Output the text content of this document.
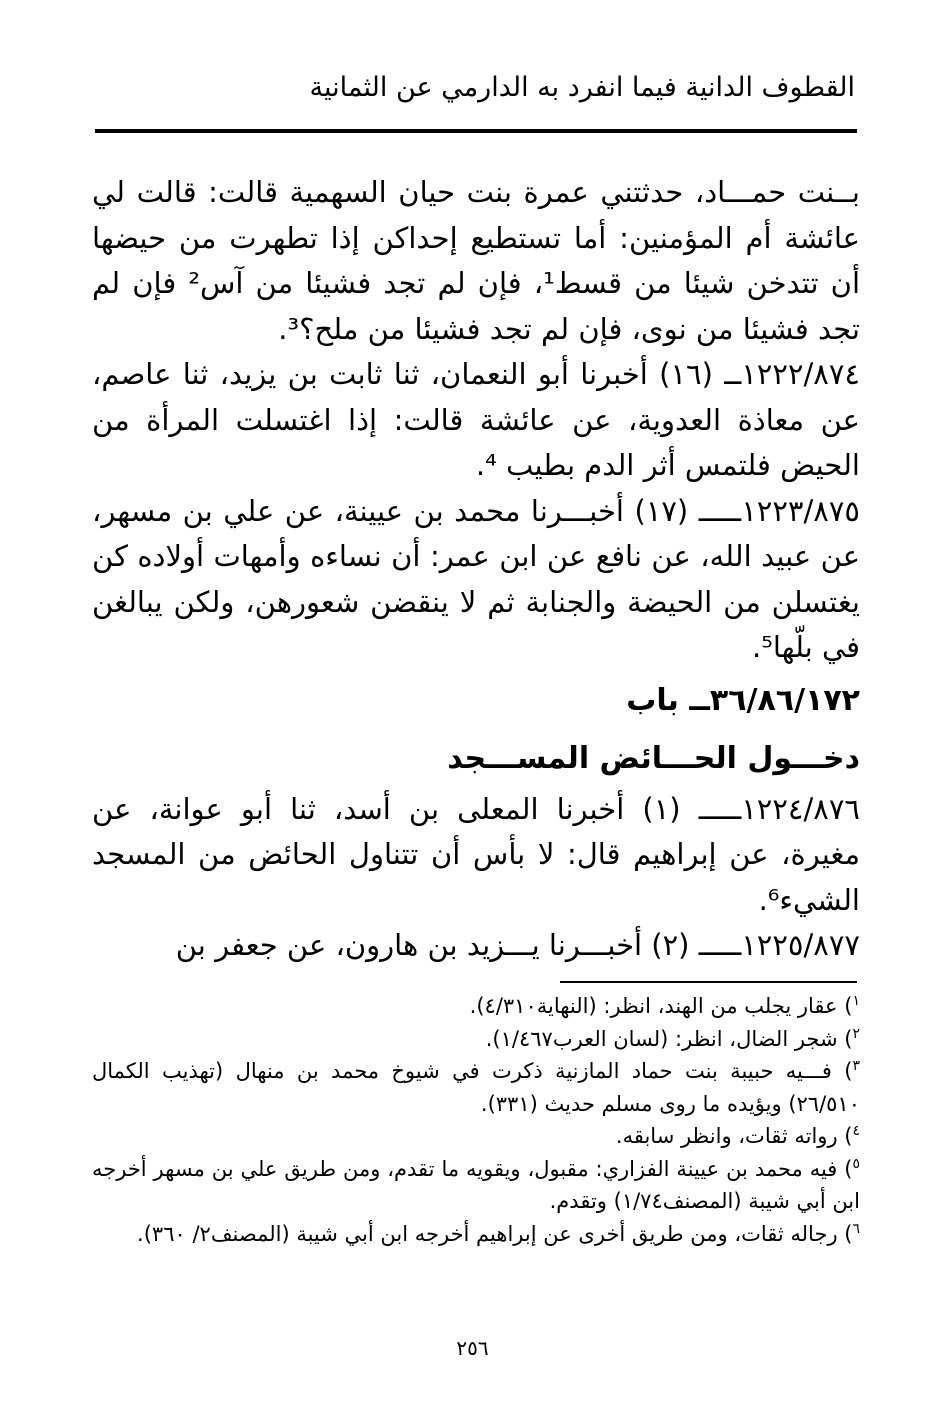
القطوف الدانية فيما انفرد به الدارمي عن الثمانية

بــنت حمـــاد، حدثتني عمرة بنت حيان السهمية قالت: قالت لي عائشة أم المؤمنين: أما تستطيع إحداكن إذا تطهرت من حيضها أن تتدخن شيئا من قسط¹، فإن لم تجد فشيئا من آس² فإن لم تجد فشيئا من نوى، فإن لم تجد فشيئا من ملح؟³.

١٢٢٢/٨٧٤ــ (١٦) أخبرنا أبو النعمان، ثنا ثابت بن يزيد، ثنا عاصم، عن معاذة العدوية، عن عائشة قالت: إذا اغتسلت المرأة من الحيض فلتمس أثر الدم بطيب ⁴.

١٢٢٣/٨٧٥ـــــ (١٧) أخبـــرنا محمد بن عيينة، عن علي بن مسهر، عن عبيد الله، عن نافع عن ابن عمر: أن نساءه وأمهات أولاده كن يغتسلن من الحيضة والجنابة ثم لا ينقضن شعورهن، ولكن يبالغن في بلّها⁵.

٣٦/٨٦/١٧٢ــ باب
دخـــول الحـــائض المســـجد

١٢٢٤/٨٧٦ـــــ (١) أخبرنا المعلى بن أسد، ثنا أبو عوانة، عن مغيرة، عن إبراهيم قال: لا بأس أن تتناول الحائض من المسجد الشيء⁶.

١٢٢٥/٨٧٧ـــــ (٢) أخبـــرنا يـــزيد بن هارون، عن جعفر بن

$^١$) عقار يجلب من الهند، انظر: (النهاية٤/٣١٠).

$^٢$) شجر الضال، انظر: (لسان العرب١/٤٦٧).

$^٣$) فـــيه حبيبة بنت حماد المازنية ذكرت في شيوخ محمد بن منهال (تهذيب الكمال ٢٦/٥١٠) ويؤيده ما روى مسلم حديث (٣٣١).

$^٤$) رواته ثقات، وانظر سابقه.

$^٥$) فيه محمد بن عيينة الفزاري: مقبول، ويقويه ما تقدم، ومن طريق علي بن مسهر أخرجه ابن أبي شيبة (المصنف١/٧٤) وتقدم.

$^٦$) رجاله ثقات، ومن طريق أخرى عن إبراهيم أخرجه ابن أبي شيبة (المصنف٢/ ٣٦٠).

٢٥٦
